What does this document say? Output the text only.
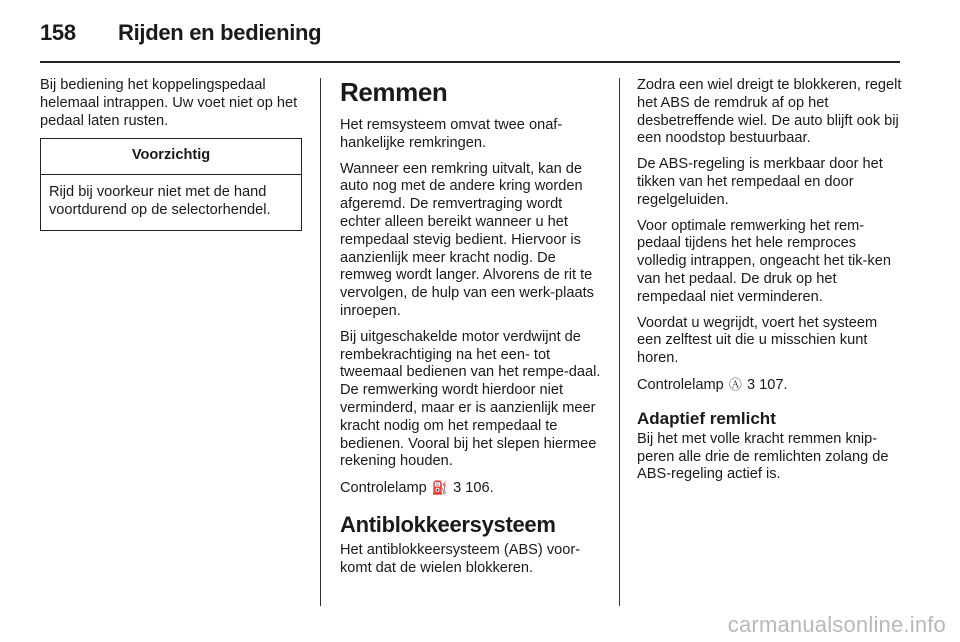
158 Rijden en bediening

Bij bediening het koppelingspedaal helemaal intrappen. Uw voet niet op het pedaal laten rusten.

Voorzichtig
Rijd bij voorkeur niet met de hand voortdurend op de selectorhendel.
Remmen

Het remsysteem omvat twee onaf-hankelijke remkringen.

Wanneer een remkring uitvalt, kan de auto nog met de andere kring worden afgeremd. De remvertraging wordt echter alleen bereikt wanneer u het rempedaal stevig bedient. Hiervoor is aanzienlijk meer kracht nodig. De remweg wordt langer. Alvorens de rit te vervolgen, de hulp van een werk-plaats inroepen.

Bij uitgeschakelde motor verdwijnt de rembekrachtiging na het een- tot tweemaal bedienen van het rempe-daal. De remwerking wordt hierdoor niet verminderd, maar er is aanzienlijk meer kracht nodig om het rempedaal te bedienen. Vooral bij het slepen hiermee rekening houden.

Controlelamp ⛽ 3 106.

Antiblokkeersysteem

Het antiblokkeersysteem (ABS) voor-komt dat de wielen blokkeren.

Zodra een wiel dreigt te blokkeren, regelt het ABS de remdruk af op het desbetreffende wiel. De auto blijft ook bij een noodstop bestuurbaar.

De ABS-regeling is merkbaar door het tikken van het rempedaal en door regelgeluiden.

Voor optimale remwerking het rem-pedaal tijdens het hele remproces volledig intrappen, ongeacht het tik-ken van het pedaal. De druk op het rempedaal niet verminderen.

Voordat u wegrijdt, voert het systeem een zelftest uit die u misschien kunt horen.

Controlelamp Ⓐ 3 107.

Adaptief remlicht

Bij het met volle kracht remmen knip-peren alle drie de remlichten zolang de ABS-regeling actief is.

carmanualsonline.info
